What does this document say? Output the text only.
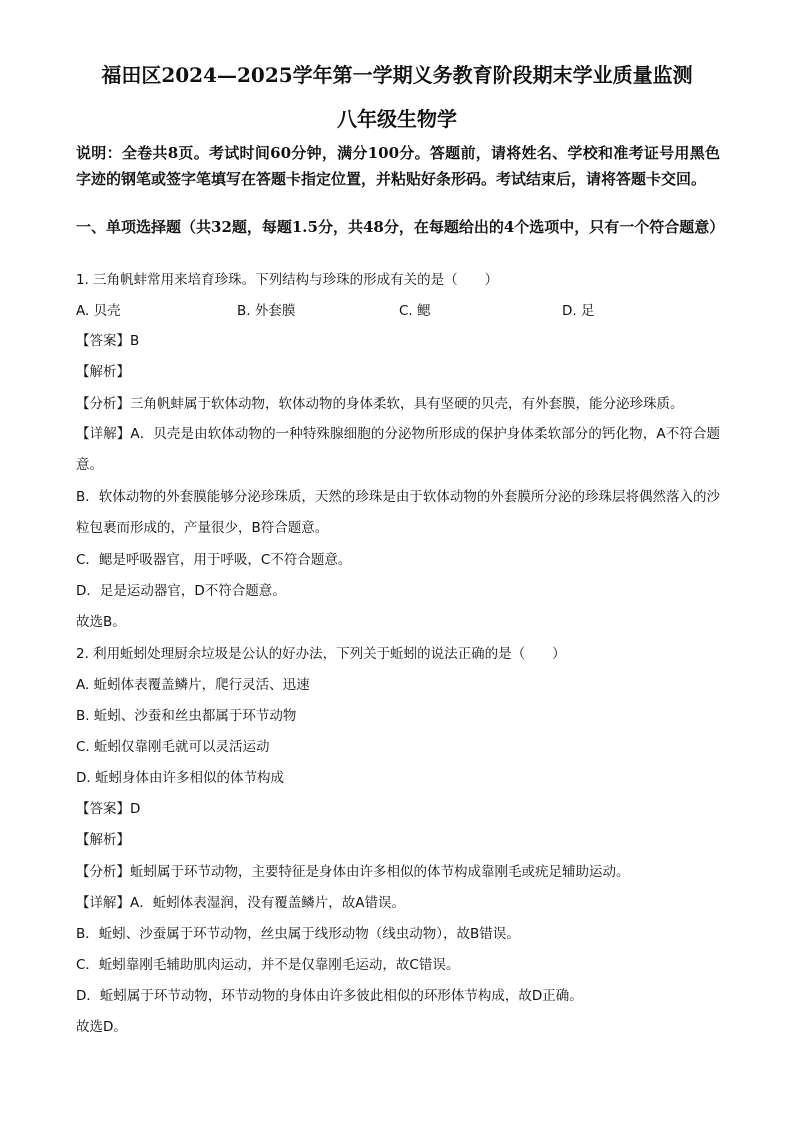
福田区2024—2025学年第一学期义务教育阶段期末学业质量监测
八年级生物学
说明：全卷共8页。考试时间60分钟，满分100分。答题前，请将姓名、学校和准考证号用黑色字迹的钢笔或签字笔填写在答题卡指定位置，并粘贴好条形码。考试结束后，请将答题卡交回。
一、单项选择题（共32题，每题1.5分，共48分，在每题给出的4个选项中，只有一个符合题意）
1. 三角帆蚌常用来培育珍珠。下列结构与珍珠的形成有关的是（　　）
A. 贝壳	B. 外套膜	C. 鳃	D. 足
【答案】B
【解析】
【分析】三角帆蚌属于软体动物，软体动物的身体柔软，具有坚硬的贝壳，有外套膜，能分泌珍珠质。
【详解】A．贝壳是由软体动物的一种特殊腺细胞的分泌物所形成的保护身体柔软部分的钙化物，A不符合题意。
B．软体动物的外套膜能够分泌珍珠质，天然的珍珠是由于软体动物的外套膜所分泌的珍珠层将偶然落入的沙粒包裹而形成的，产量很少，B符合题意。
C．鳃是呼吸器官，用于呼吸，C不符合题意。
D．足是运动器官，D不符合题意。
故选B。
2. 利用蚯蚓处理厨余垃圾是公认的好办法，下列关于蚯蚓的说法正确的是（　　）
A. 蚯蚓体表覆盖鳞片，爬行灵活、迅速
B. 蚯蚓、沙蚕和丝虫都属于环节动物
C. 蚯蚓仅靠刚毛就可以灵活运动
D. 蚯蚓身体由许多相似的体节构成
【答案】D
【解析】
【分析】蚯蚓属于环节动物，主要特征是身体由许多相似的体节构成靠刚毛或疣足辅助运动。
【详解】A．蚯蚓体表湿润，没有覆盖鳞片，故A错误。
B．蚯蚓、沙蚕属于环节动物，丝虫属于线形动物（线虫动物），故B错误。
C．蚯蚓靠刚毛辅助肌肉运动，并不是仅靠刚毛运动，故C错误。
D．蚯蚓属于环节动物，环节动物的身体由许多彼此相似的环形体节构成，故D正确。
故选D。
